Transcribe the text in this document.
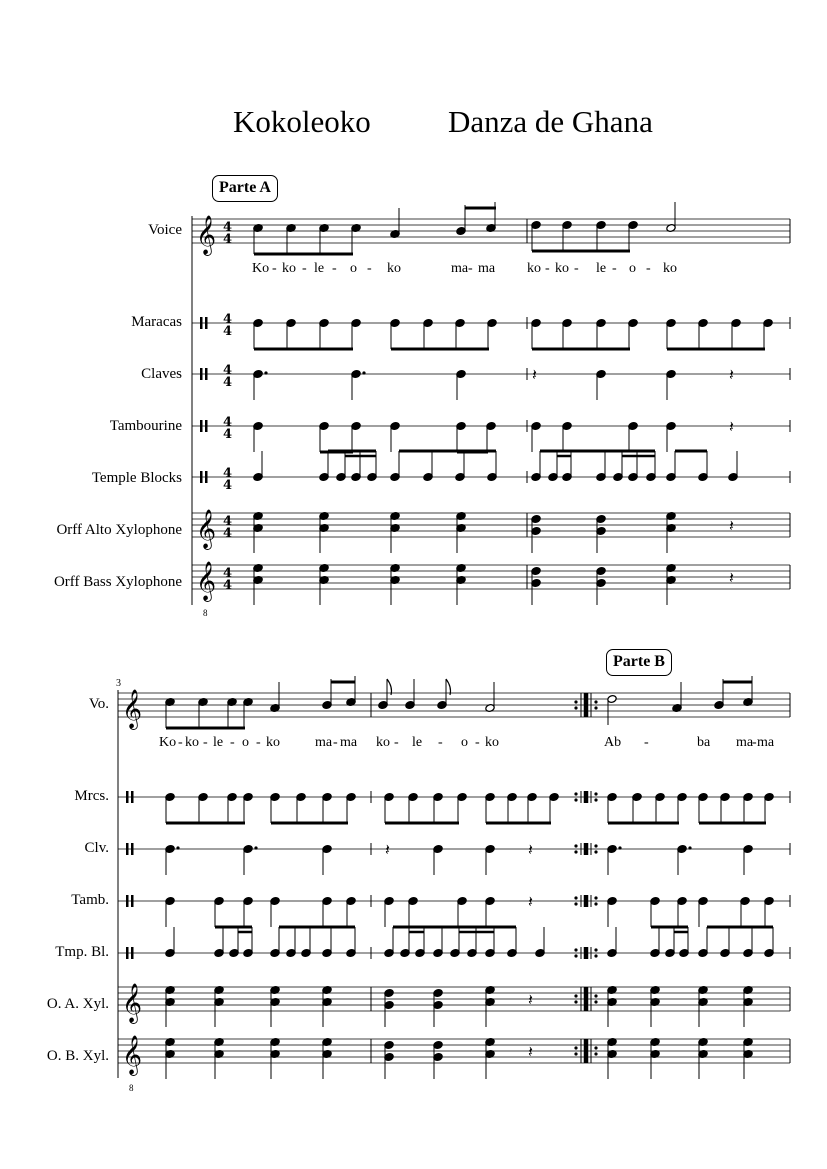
Kokoleoko Danza de Ghana
Parte A
Parte B
Voice
Maracas
Claves
Tambourine
Temple Blocks
Orff Alto Xylophone
Orff Bass Xylophone
Vo.
Mrcs.
Clv.
Tamb.
Tmp. Bl.
O. A. Xyl.
O. B. Xyl.
3
8
8
Ko - ko - le - o - ko	ma - ma ko - ko - le - o - ko
Ko - ko - le - o - ko	ma - ma ko - le - o - ko	Ab -	ba ma
- ma
𝄞
𝄞
𝄞
4
4
4
4
4
4
4
4
4
4
4
4
4
4
𝄽	𝄽
𝄽
𝄽
𝄽
𝄞
𝄞
𝄞
𝄽	𝄽
𝄽
𝄽
𝄽
